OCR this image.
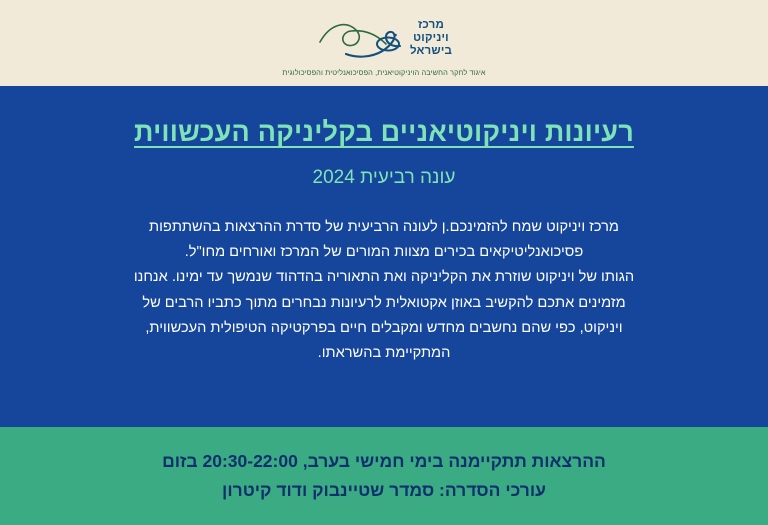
מרכז
ויניקוט
בישראל
איגוד לחקר החשיבה הויניקוטיאנית, הפסיכואנליטית והפסיכולוגית
רעיונות ויניקוטיאניים בקליניקה העכשווית
עונה רביעית 2024

מרכז ויניקוט שמח להזמינכם.ן לעונה הרביעית של סדרת ההרצאות בהשתתפות

פסיכואנליטיקאים בכירים מצוות המורים של המרכז ואורחים מחו"ל.

הגותו של ויניקוט שוזרת את הקליניקה ואת התאוריה בהדהוד שנמשך עד ימינו. אנחנו

מזמינים אתכם להקשיב באוזן אקטואלית לרעיונות נבחרים מתוך כתביו הרבים של

ויניקוט, כפי שהם נחשבים מחדש ומקבלים חיים בפרקטיקה הטיפולית העכשווית,

המתקיימת בהשראתו.

ההרצאות תתקיימנה בימי חמישי בערב, 20:30-22:00 בזום
עורכי הסדרה: סמדר שטיינבוק ודוד קיטרון
